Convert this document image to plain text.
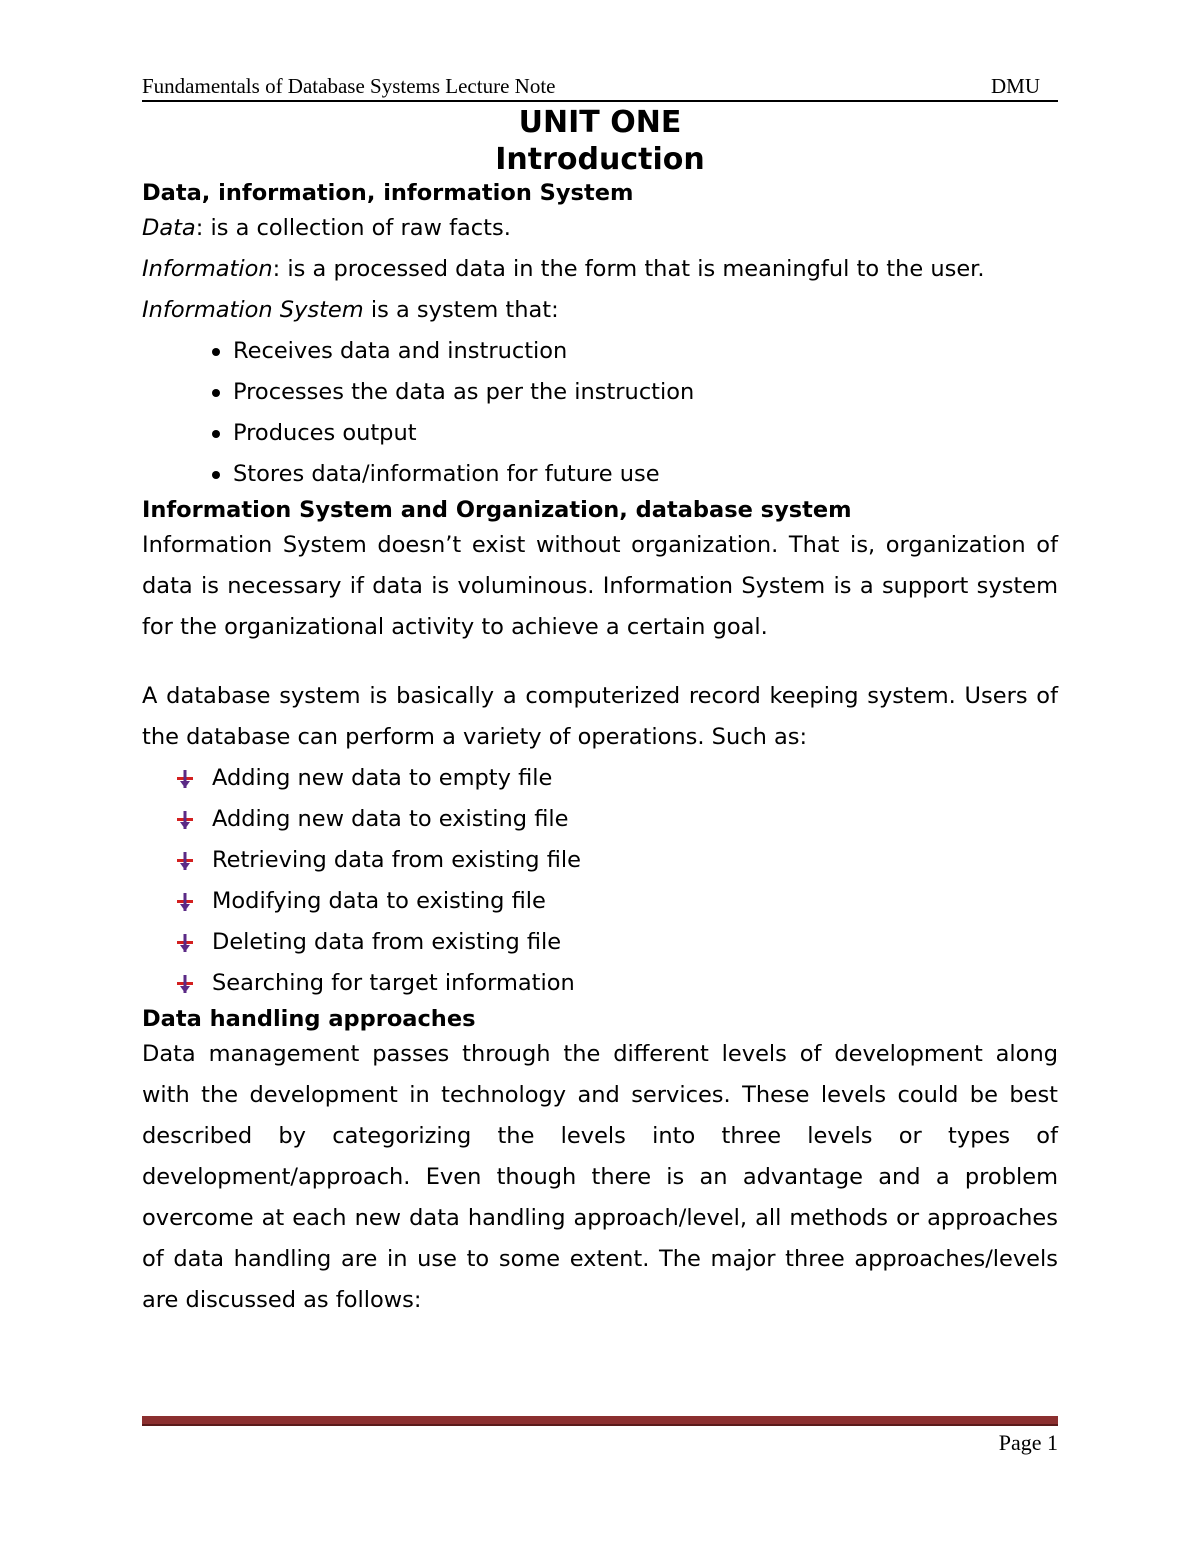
Fundamentals of Database Systems Lecture Note	DMU
UNIT ONE
Introduction
Data, information, information System
Data: is a collection of raw facts.
Information: is a processed data in the form that is meaningful to the user.
Information System is a system that:
Receives data and instruction
Processes the data as per the instruction
Produces output
Stores data/information for future use
Information System and Organization, database system
Information System doesn’t exist without organization. That is, organization of data is necessary if data is voluminous. Information System is a support system for the organizational activity to achieve a certain goal.
A database system is basically a computerized record keeping system. Users of the database can perform a variety of operations. Such as:
Adding new data to empty file
Adding new data to existing file
Retrieving data from existing file
Modifying data to existing file
Deleting data from existing file
Searching for target information
Data handling approaches
Data management passes through the different levels of development along with the development in technology and services. These levels could be best described by categorizing the levels into three levels or types of development/approach. Even though there is an advantage and a problem overcome at each new data handling approach/level, all methods or approaches of data handling are in use to some extent. The major three approaches/levels are discussed as follows:
Page 1
